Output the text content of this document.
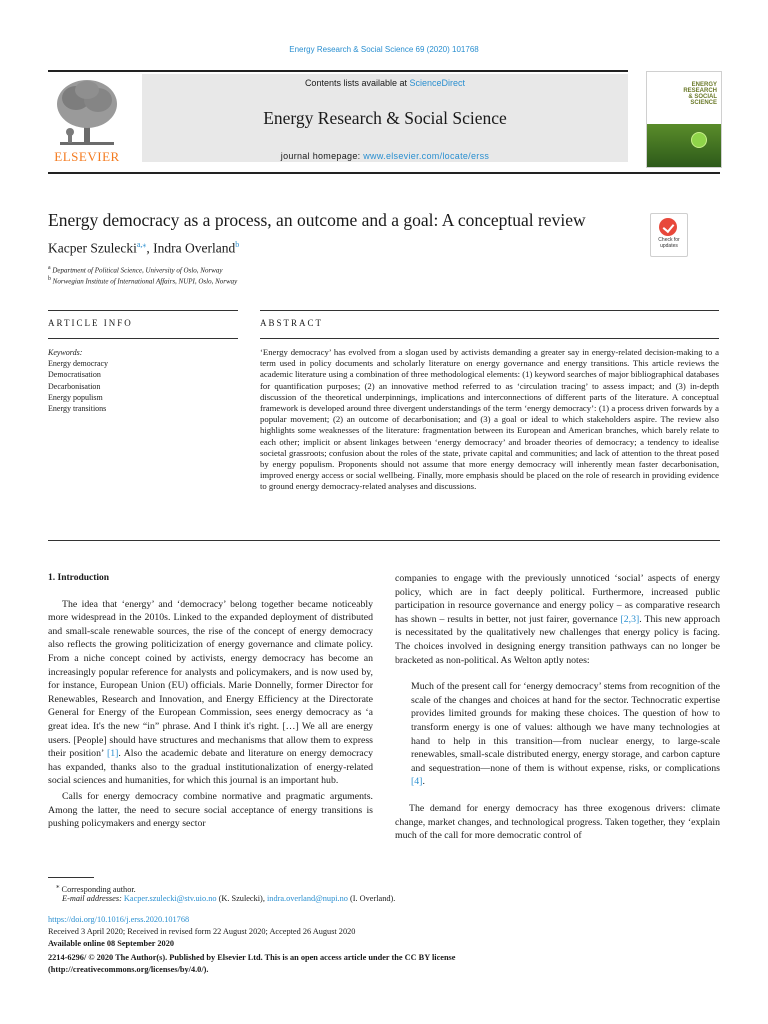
Energy Research & Social Science 69 (2020) 101768
ELSEVIER
Contents lists available at ScienceDirect
Energy Research & Social Science
journal homepage: www.elsevier.com/locate/erss
ENERGY
RESEARCH
& SOCIAL
SCIENCE
Energy democracy as a process, an outcome and a goal: A conceptual review
Check for updates
Kacper Szulecki$^{a,⁎}$, Indra Overland$^b$
$^a$ Department of Political Science, University of Oslo, Norway
$^b$ Norwegian Institute of International Affairs, NUPI, Oslo, Norway
ARTICLE INFO	ABSTRACT
Keywords:
Energy democracy
Democratisation
Decarbonisation
Energy populism
Energy transitions
‘Energy democracy’ has evolved from a slogan used by activists demanding a greater say in energy-related decision-making to a term used in policy documents and scholarly literature on energy governance and energy transitions. This article reviews the academic literature using a combination of three methodological elements: (1) keyword searches of major bibliographical databases for quantification purposes; (2) an innovative method referred to as ‘circulation tracing’ to assess impact; and (3) in-depth discussion of the theoretical underpinnings, implications and interconnections of different parts of the literature. A conceptual framework is developed around three divergent understandings of the term ‘energy democracy’: (1) a process driven forwards by a popular movement; (2) an outcome of decarbonisation; and (3) a goal or ideal to which stakeholders aspire. The review also highlights some weaknesses of the literature: fragmentation between its European and American branches, which barely relate to each other; implicit or absent linkages between ‘energy democracy’ and broader theories of democracy; a tendency to idealise societal grassroots; confusion about the roles of the state, private capital and communities; and lack of attention to the threat posed by energy populism. Proponents should not assume that more energy democracy will inherently mean faster decarbonisation, improved energy access or social wellbeing. Finally, more emphasis should be placed on the role of research in providing evidence to ground energy democracy-related analyses and discussions.

1. Introduction

The idea that ‘energy’ and ‘democracy’ belong together became noticeably more widespread in the 2010s. Linked to the expanded deployment of distributed and small-scale renewable sources, the rise of the concept of energy democracy also reflects the growing politicization of energy governance and climate policy. From a niche concept coined by activists, energy democracy has become an increasingly popular reference for analysts and policymakers, and is now used by, for instance, European Union (EU) officials. Marie Donnelly, former Director for Renewables, Research and Innovation, and Energy Efficiency at the Directorate General for Energy of the European Commission, sees energy democracy as ‘a great idea. It's the new “in” phrase. And I think it's right. […] We all are energy users. [People] should have structures and mechanisms that allow them to express their position’ [1]. Also the academic debate and literature on energy democracy has expanded, thanks also to the gradual institutionalization of energy-related social sciences and humanities, for which this journal is an important hub.

Calls for energy democracy combine normative and pragmatic arguments. Among the latter, the need to secure social acceptance of energy transitions is pushing policymakers and energy sector

companies to engage with the previously unnoticed ‘social’ aspects of energy policy, which are in fact deeply political. Furthermore, increased public participation in resource governance and energy policy – as comparative research has shown – results in better, not just fairer, governance [2,3]. This new approach is necessitated by the qualitatively new challenges that energy policy is facing. The choices involved in designing energy transition pathways can no longer be bracketed as non-political. As Welton aptly notes:

Much of the present call for ‘energy democracy’ stems from recognition of the scale of the changes and choices at hand for the sector. Technocratic expertise provides limited grounds for making these choices. The question of how to transform energy is one of values: although we have many technologies at hand to help in this transition—from nuclear energy, to large-scale renewables, small-scale distributed energy, energy storage, and carbon capture and sequestration—none of them is without expense, risks, or complications [4].

The demand for energy democracy has three exogenous drivers: climate change, market changes, and technological progress. Taken together, they ‘explain much of the call for more democratic control of

⁎ Corresponding author.
E-mail addresses: Kacper.szulecki@stv.uio.no (K. Szulecki), indra.overland@nupi.no (I. Overland).
https://doi.org/10.1016/j.erss.2020.101768
Received 3 April 2020; Received in revised form 22 August 2020; Accepted 26 August 2020
Available online 08 September 2020
2214-6296/ © 2020 The Author(s). Published by Elsevier Ltd. This is an open access article under the CC BY license
(http://creativecommons.org/licenses/by/4.0/).
